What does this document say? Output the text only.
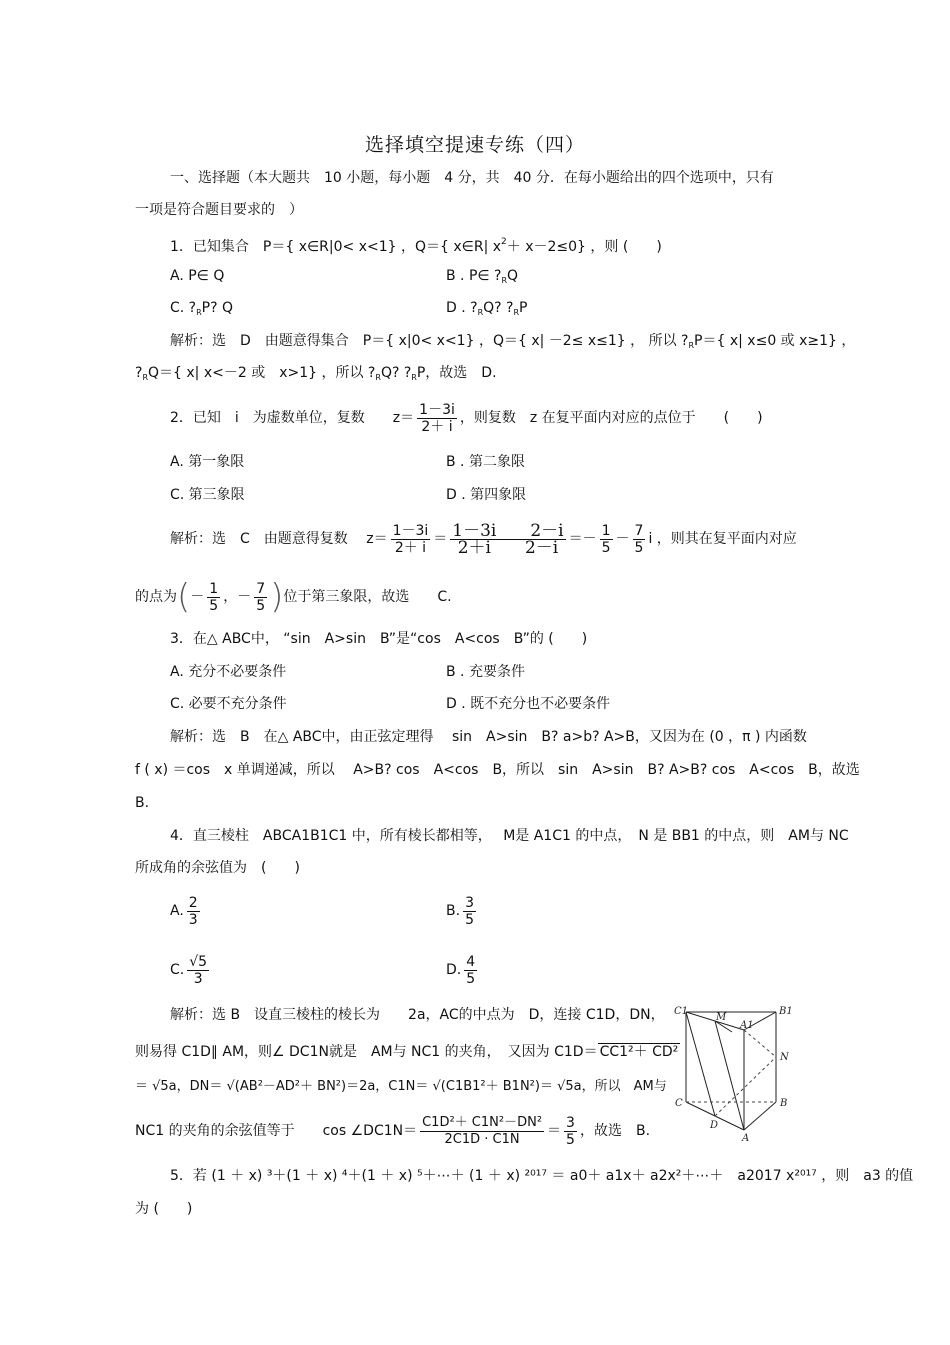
选择填空提速专练（四）
一、选择题（本大题共　10 小题，每小题　4 分，共　40 分．在每小题给出的四个选项中，只有
一项是符合题目要求的　）
1．已知集合　P＝{ x∈R|0< x<1} ，Q＝{ x∈R| $x^2+ x-2\le 0$} ，则 (　　)
A. P∈ Q	B . P∈ $?_RQ$
C. $?_RP$? Q	D . $?_RQ$? $?_RP$
解析：选　D　由题意得集合　P＝{ x|0< x<1} ，Q＝{ x| －2≤ x≤1} ， 所以 $?_RP=${ x| x≤0 或 x≥1} ，
$?_RQ=${ x| x<－2 或　x>1} ，所以 $?_RQ$? $?_RP$，故选　D.
2．已知　i　为虚数单位，复数　　$z= \frac{1-3i}{2+ i}$ ，则复数　z 在复平面内对应的点位于　　(　　)
A. 第一象限	B . 第二象限
C. 第三象限	D . 第四象限
解析：选　C　由题意得复数　 $z= \frac{1-3i}{2+ i} = \frac{1-3i 2-i}{2+i 2-i} =- \frac{1}{5} - \frac{7}{5}$ i ，则其在复平面内对应
的点为(－ $\frac{1}{5}$ ，－ $\frac{7}{5}$ )位于第三象限，故选　　C.
3．在△ ABC中， “sin　A>sin　B”是“cos　A<cos　B”的 (　　)
A. 充分不必要条件	B . 充要条件
C. 必要不充分条件	D . 既不充分也不必要条件
解析：选　B　在△ ABC中，由正弦定理得　 sin　A>sin　B? a>b? A>B，又因为在 (0 ，π ) 内函数
f ( x) ＝cos　x 单调递减，所以　 A>B? cos　A<cos　B，所以　sin　A>sin　B? A>B? cos　A<cos　B，故选
B.
4．直三棱柱　ABCA1B1C1 中，所有棱长都相等，　 M是 A1C1 的中点，　N 是 BB1 的中点，则　AM与 NC
所成角的余弦值为　(　　)
A. $\frac{2}{3}$	B. $\frac{3}{5}$
C. $\frac{√5}{3}$	D. $\frac{4}{5}$
解析：选 B　设直三棱柱的棱长为　　2a，AC的中点为　D，连接 C1D，DN，
则易得 C1D∥ AM，则∠ DC1N就是　AM与 NC1 的夹角，　又因为 C1D＝ CC1²＋ CD²
＝ √5a，DN＝ √(AB²－AD²＋ BN²)＝2a，C1N＝ √(C1B1²＋ B1N²)＝ √5a，所以　AM与
NC1 的夹角的余弦值等于　　cos ∠DC1N＝ $\frac{\text{C1D²＋ C1N²－DN²}}{2C1D \cdot C1N} = \frac{3}{5}$ ，故选　B.
C1
M
A1
B1
N
C	B
D
A
5．若 (1 ＋ x) ³＋(1 ＋ x) ⁴＋(1 ＋ x) ⁵＋⋯＋ (1 ＋ x) ²⁰¹⁷ ＝ a0＋ a1x＋ a2x²＋⋯＋　a2017 x²⁰¹⁷ ，则　a3 的值
为 (　　)
